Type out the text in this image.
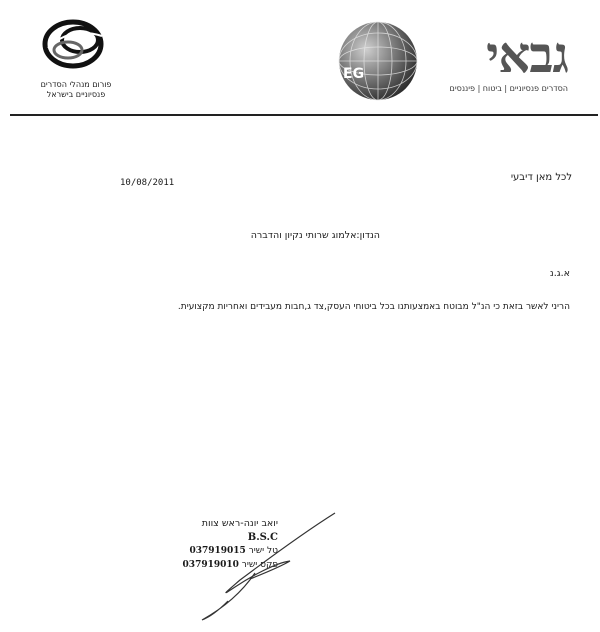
פורום מנהלי הסדרים
פנסיוניים בישראל
EG	גבאי
הסדרים פנסיוניים | ביטוח | פיננסים
לכל מאן דיבעי
10/08/2011
הנדון:אלמוג שרותי נקיון והדברה
א.ג.נ
הריני לאשר בזאת כי הנ"ל מבוטח באמצעותנו בכל ביטוחי העסק,צד ג,חבות מעבידים ואחריות מקצועית.
יואב יונה-ראש צוות
B.S.C
טל ישיר 037919015
פקס ישיר 037919010
